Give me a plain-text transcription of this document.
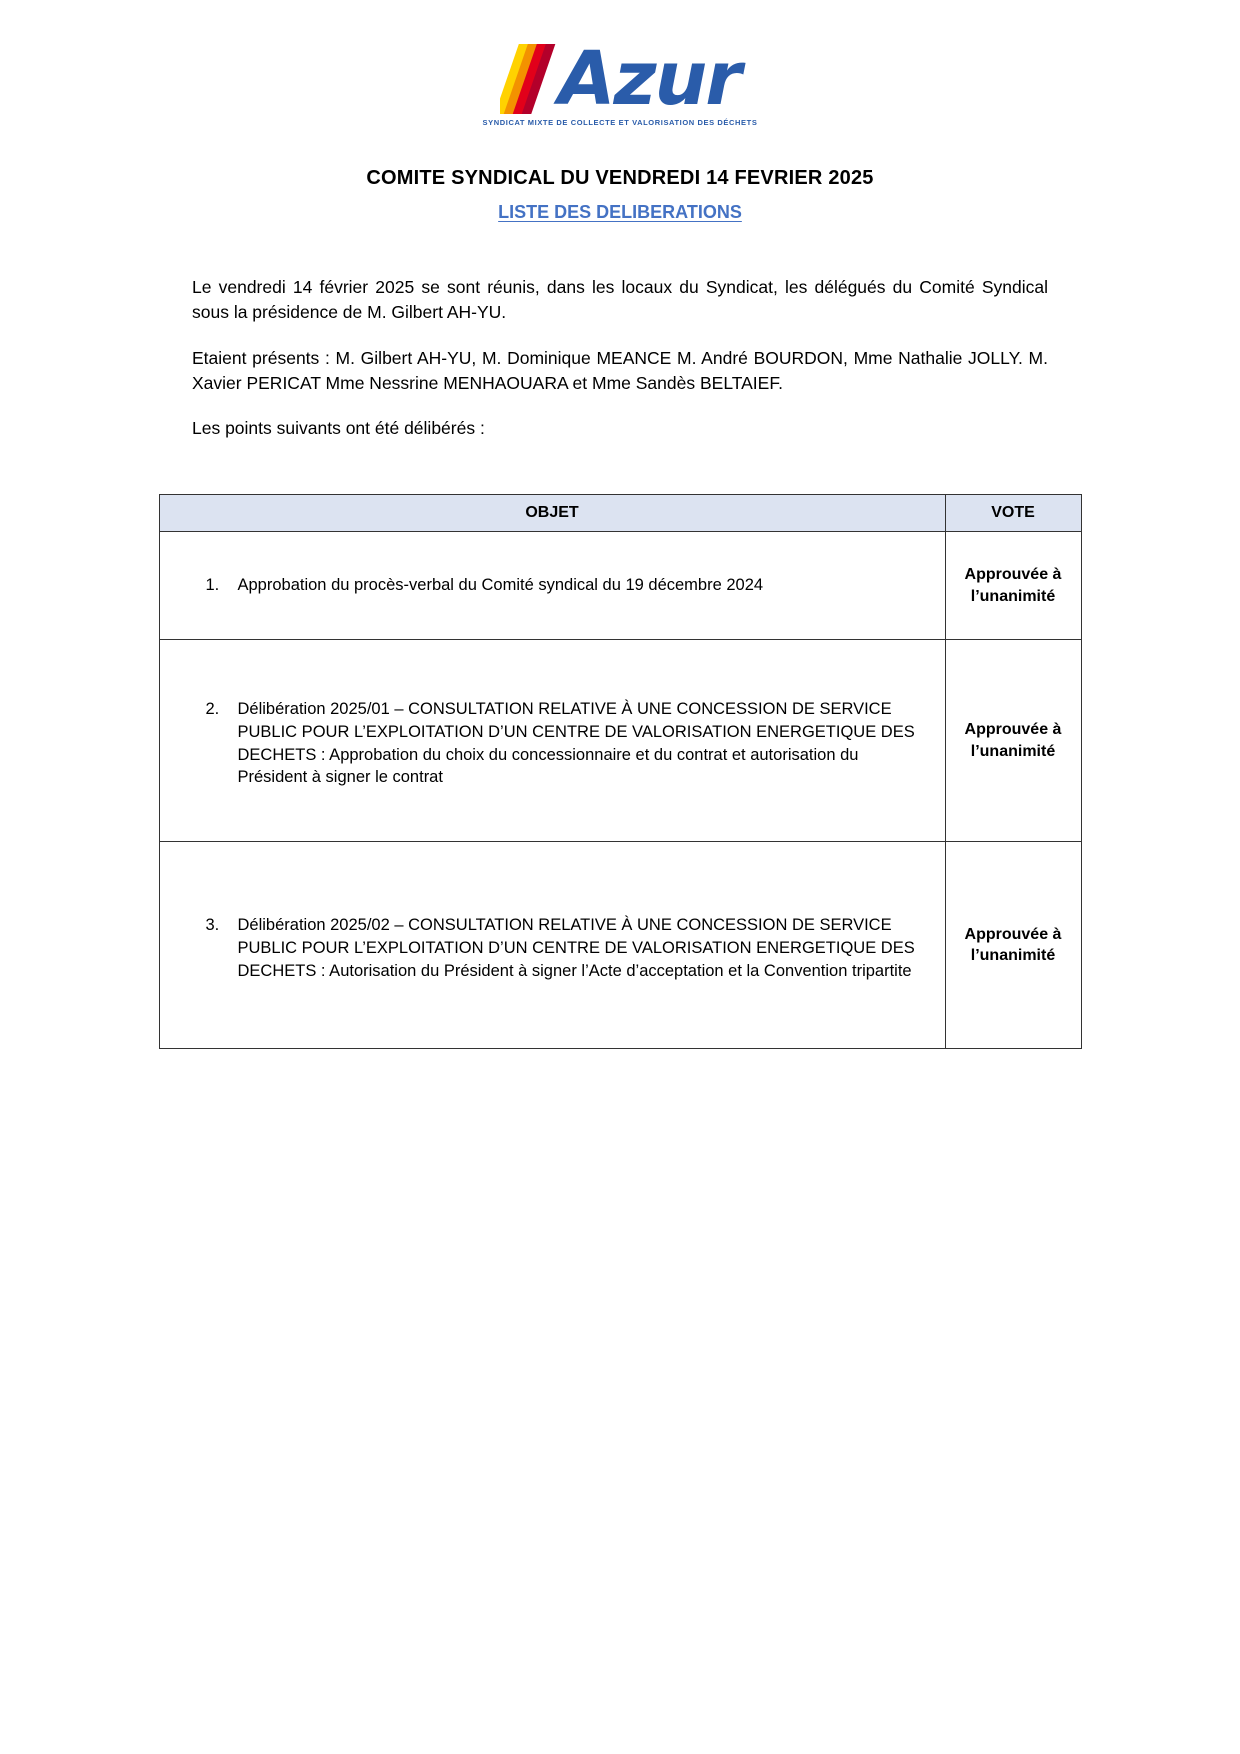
Azur
SYNDICAT MIXTE DE COLLECTE ET VALORISATION DES DÉCHETS
COMITE SYNDICAL DU VENDREDI 14 FEVRIER 2025
LISTE DES DELIBERATIONS

Le vendredi 14 février 2025 se sont réunis, dans les locaux du Syndicat, les délégués du Comité Syndical sous la présidence de M. Gilbert AH-YU.

Etaient présents : M. Gilbert AH-YU, M. Dominique MEANCE M. André BOURDON, Mme Nathalie JOLLY. M. Xavier PERICAT Mme Nessrine MENHAOUARA et Mme Sandès BELTAIEF.

Les points suivants ont été délibérés :

OBJET	VOTE

1. Approbation du procès-verbal du Comité syndical du 19 décembre 2024	Approuvée à l’unanimité

2. Délibération 2025/01 – CONSULTATION RELATIVE À UNE CONCESSION DE SERVICE PUBLIC POUR L’EXPLOITATION D’UN CENTRE DE VALORISATION ENERGETIQUE DES DECHETS : Approbation du choix du concessionnaire et du contrat et autorisation du Président à signer le contrat	Approuvée à l’unanimité

3. Délibération 2025/02 – CONSULTATION RELATIVE À UNE CONCESSION DE SERVICE PUBLIC POUR L’EXPLOITATION D’UN CENTRE DE VALORISATION ENERGETIQUE DES DECHETS : Autorisation du Président à signer l’Acte d’acceptation et la Convention tripartite	Approuvée à l’unanimité
